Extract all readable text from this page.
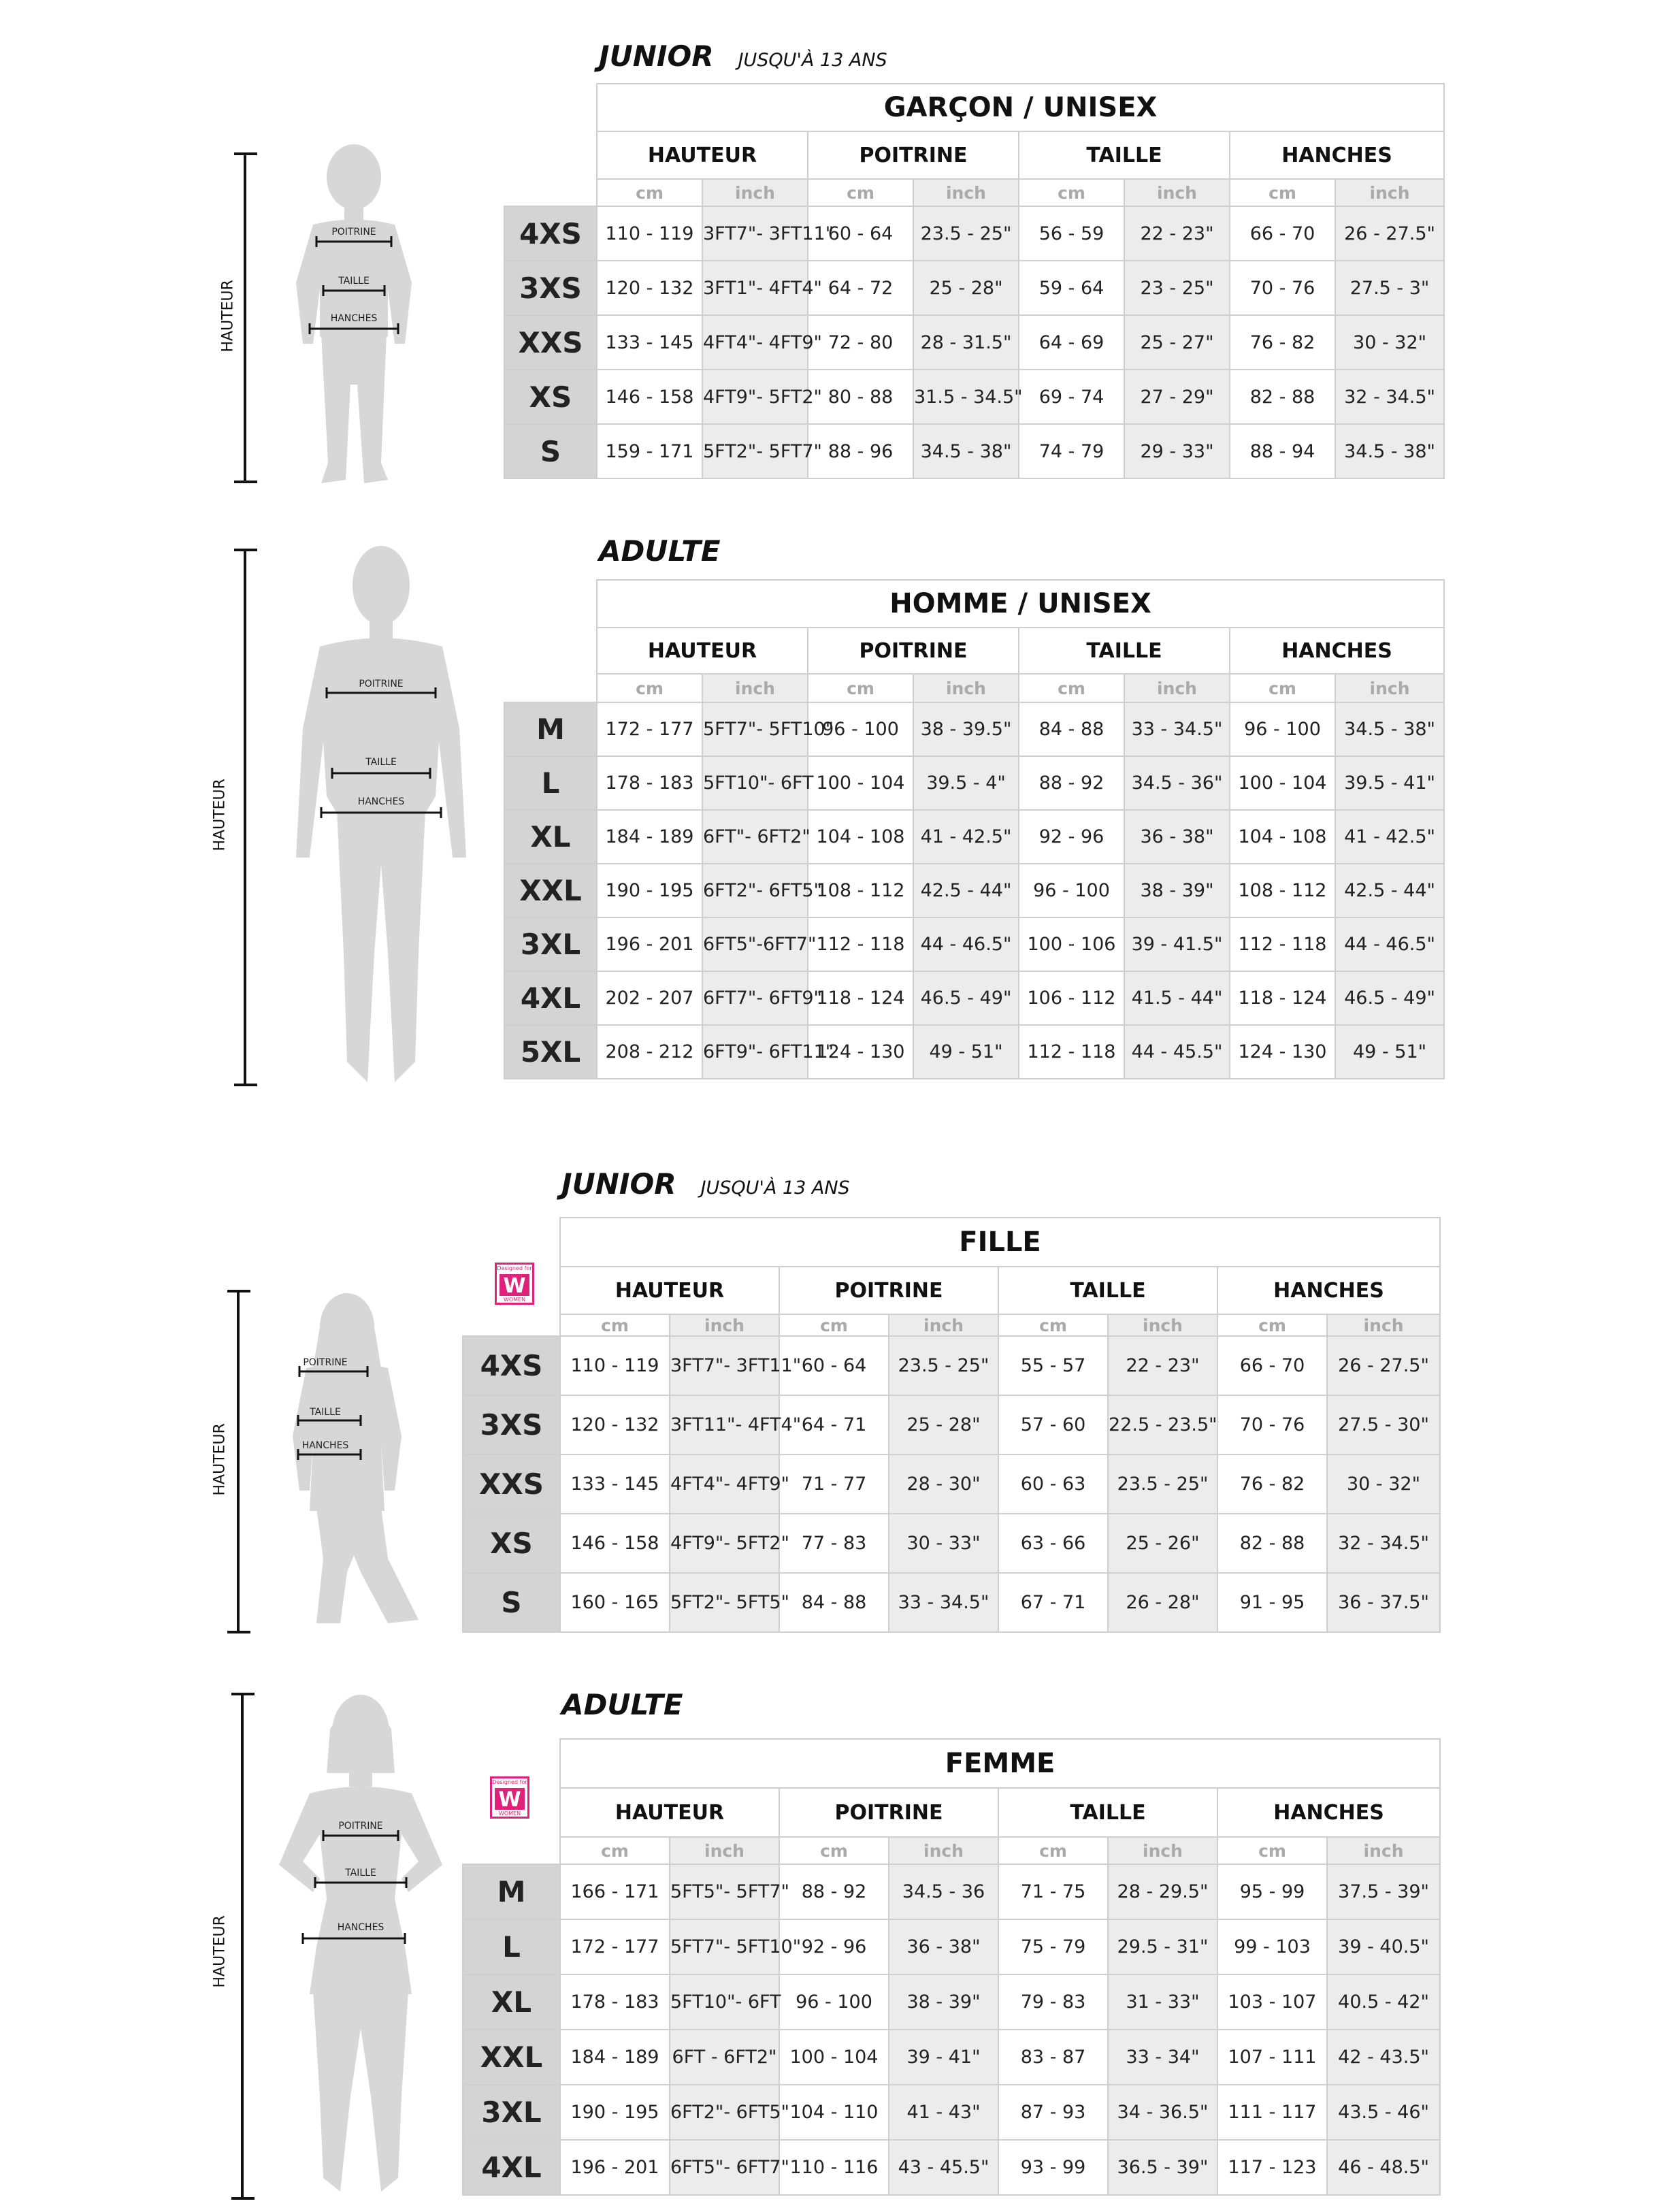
JUNIOR JUSQU'À 13 ANS
HAUTEUR
POITRINE
TAILLE
HANCHES
	GARÇON / UNISEX							
	HAUTEUR		POITRINE		TAILLE		HANCHES	
	cm	inch	cm	inch	cm	inch	cm	inch
4XS	110 - 119	3FT7"- 3FT11"	60 - 64	23.5 - 25"	56 - 59	22 - 23"	66 - 70	26 - 27.5"
3XS	120 - 132	3FT1"- 4FT4"	64 - 72	25 - 28"	59 - 64	23 - 25"	70 - 76	27.5 - 3"
XXS	133 - 145	4FT4"- 4FT9"	72 - 80	28 - 31.5"	64 - 69	25 - 27"	76 - 82	30 - 32"
XS	146 - 158	4FT9"- 5FT2"	80 - 88	31.5 - 34.5"	69 - 74	27 - 29"	82 - 88	32 - 34.5"
S	159 - 171	5FT2"- 5FT7"	88 - 96	34.5 - 38"	74 - 79	29 - 33"	88 - 94	34.5 - 38"
ADULTE
HAUTEUR
POITRINE
TAILLE
HANCHES
	HOMME / UNISEX							
	HAUTEUR		POITRINE		TAILLE		HANCHES	
	cm	inch	cm	inch	cm	inch	cm	inch
M	172 - 177	5FT7"- 5FT10"	96 - 100	38 - 39.5"	84 - 88	33 - 34.5"	96 - 100	34.5 - 38"
L	178 - 183	5FT10"- 6FT	100 - 104	39.5 - 4"	88 - 92	34.5 - 36"	100 - 104	39.5 - 41"
XL	184 - 189	6FT"- 6FT2"	104 - 108	41 - 42.5"	92 - 96	36 - 38"	104 - 108	41 - 42.5"
XXL	190 - 195	6FT2"- 6FT5"	108 - 112	42.5 - 44"	96 - 100	38 - 39"	108 - 112	42.5 - 44"
3XL	196 - 201	6FT5"-6FT7"	112 - 118	44 - 46.5"	100 - 106	39 - 41.5"	112 - 118	44 - 46.5"
4XL	202 - 207	6FT7"- 6FT9"	118 - 124	46.5 - 49"	106 - 112	41.5 - 44"	118 - 124	46.5 - 49"
5XL	208 - 212	6FT9"- 6FT11"	124 - 130	49 - 51"	112 - 118	44 - 45.5"	124 - 130	49 - 51"
JUNIOR JUSQU'À 13 ANS
Designed for
W
WOMEN
HAUTEUR
POITRINE
TAILLE
HANCHES
	FILLE							
	HAUTEUR		POITRINE		TAILLE		HANCHES	
	cm	inch	cm	inch	cm	inch	cm	inch
4XS	110 - 119	3FT7"- 3FT11"	60 - 64	23.5 - 25"	55 - 57	22 - 23"	66 - 70	26 - 27.5"
3XS	120 - 132	3FT11"- 4FT4"	64 - 71	25 - 28"	57 - 60	22.5 - 23.5"	70 - 76	27.5 - 30"
XXS	133 - 145	4FT4"- 4FT9"	71 - 77	28 - 30"	60 - 63	23.5 - 25"	76 - 82	30 - 32"
XS	146 - 158	4FT9"- 5FT2"	77 - 83	30 - 33"	63 - 66	25 - 26"	82 - 88	32 - 34.5"
S	160 - 165	5FT2"- 5FT5"	84 - 88	33 - 34.5"	67 - 71	26 - 28"	91 - 95	36 - 37.5"
ADULTE
Designed for
W
WOMEN
HAUTEUR
POITRINE
TAILLE
HANCHES
	FEMME							
	HAUTEUR		POITRINE		TAILLE		HANCHES	
	cm	inch	cm	inch	cm	inch	cm	inch
M	166 - 171	5FT5"- 5FT7"	88 - 92	34.5 - 36	71 - 75	28 - 29.5"	95 - 99	37.5 - 39"
L	172 - 177	5FT7"- 5FT10"	92 - 96	36 - 38"	75 - 79	29.5 - 31"	99 - 103	39 - 40.5"
XL	178 - 183	5FT10"- 6FT	96 - 100	38 - 39"	79 - 83	31 - 33"	103 - 107	40.5 - 42"
XXL	184 - 189	6FT - 6FT2"	100 - 104	39 - 41"	83 - 87	33 - 34"	107 - 111	42 - 43.5"
3XL	190 - 195	6FT2"- 6FT5"	104 - 110	41 - 43"	87 - 93	34 - 36.5"	111 - 117	43.5 - 46"
4XL	196 - 201	6FT5"- 6FT7"	110 - 116	43 - 45.5"	93 - 99	36.5 - 39"	117 - 123	46 - 48.5"
